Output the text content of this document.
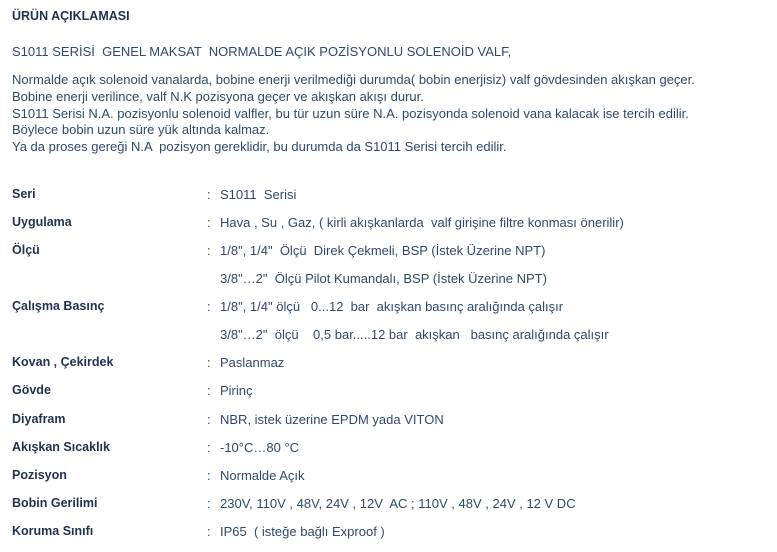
ÜRÜN AÇIKLAMASI
S1011 SERİSİ  GENEL MAKSAT  NORMALDE AÇIK POZİSYONLU SOLENOİD VALF,
Normalde açık solenoid vanalarda, bobine enerji verilmediği durumda( bobin enerjisiz) valf gövdesinden akışkan geçer.
Bobine enerji verilince, valf N.K pozisyona geçer ve akışkan akışı durur.
S1011 Serisi N.A. pozisyonlu solenoid valfler, bu tür uzun süre N.A. pozisyonda solenoid vana kalacak ise tercih edilir.
Böylece bobin uzun süre yük altında kalmaz.
Ya da proses gereği N.A  pozisyon gereklidir, bu durumda da S1011 Serisi tercih edilir.
Seri	: S1011  Serisi
Uygulama	: Hava , Su , Gaz, ( kirli akışkanlarda  valf girişine filtre konması önerilir)
Ölçü	: 1/8", 1/4"  Ölçü  Direk Çekmeli, BSP (İstek Üzerine NPT)
3/8"…2"  Ölçü Pilot Kumandalı, BSP (İstek Üzerine NPT)
Çalışma Basınç	: 1/8", 1/4" ölçü   0...12  bar  akışkan basınç aralığında çalışır
3/8"…2"  ölçü    0,5 bar.....12 bar  akışkan   basınç aralığında çalışır
Kovan , Çekirdek	: Paslanmaz
Gövde	: Pirinç
Diyafram	: NBR, istek üzerine EPDM yada VITON
Akışkan Sıcaklık	: -10°C…80 °C
Pozisyon	: Normalde Açık
Bobin Gerilimi	: 230V, 110V , 48V, 24V , 12V  AC ; 110V , 48V , 24V , 12 V DC
Koruma Sınıfı	: IP65  ( isteğe bağlı Exproof )
